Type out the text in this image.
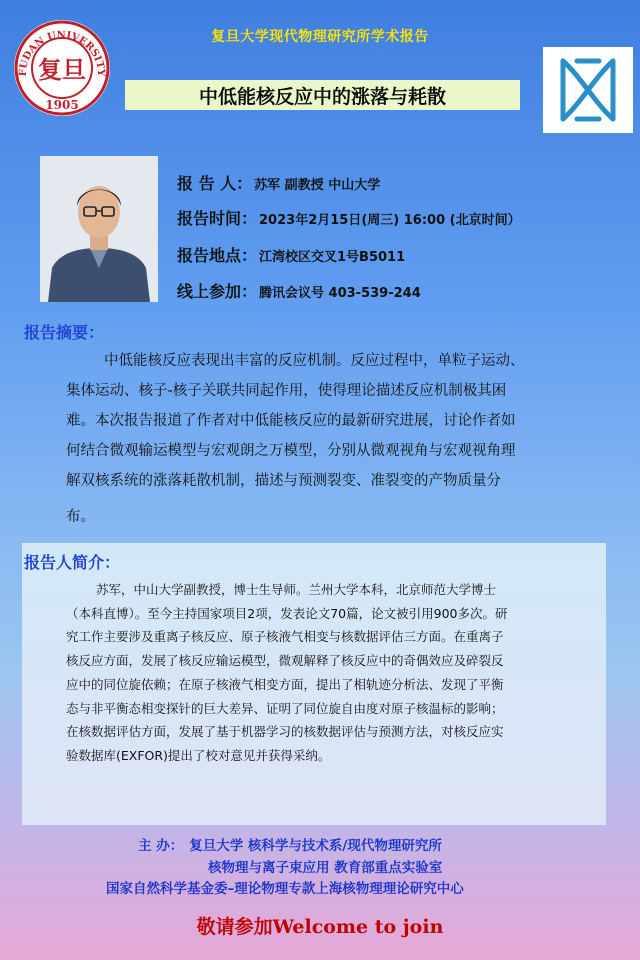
复旦大学现代物理研究所学术报告
FUDAN UNIVERSITY
复旦
1905	中低能核反应中的涨落与耗散
报 告 人： 苏军 副教授 中山大学
报告时间： 2023年2月15日(周三) 16:00 (北京时间）
报告地点： 江湾校区交叉1号B5011
线上参加： 腾讯会议号 403-539-244
报告摘要：
中低能核反应表现出丰富的反应机制。反应过程中，单粒子运动、
集体运动、核子-核子关联共同起作用，使得理论描述反应机制极其困
难。本次报告报道了作者对中低能核反应的最新研究进展，讨论作者如
何结合微观输运模型与宏观朗之万模型，分别从微观视角与宏观视角理
解双核系统的涨落耗散机制，描述与预测裂变、准裂变的产物质量分
布。
报告人简介：
苏军，中山大学副教授，博士生导师。兰州大学本科，北京师范大学博士
（本科直博）。至今主持国家项目2项，发表论文70篇，论文被引用900多次。研
究工作主要涉及重离子核反应、原子核液气相变与核数据评估三方面。在重离子
核反应方面，发展了核反应输运模型，微观解释了核反应中的奇偶效应及碎裂反
应中的同位旋依赖；在原子核液气相变方面，提出了相轨迹分析法、发现了平衡
态与非平衡态相变探针的巨大差异、证明了同位旋自由度对原子核温标的影响；
在核数据评估方面，发展了基于机器学习的核数据评估与预测方法，对核反应实
验数据库(EXFOR)提出了校对意见并获得采纳。
主 办： 复旦大学 核科学与技术系/现代物理研究所
核物理与离子束应用 教育部重点实验室
国家自然科学基金委–理论物理专款上海核物理理论研究中心
敬请参加Welcome to join
